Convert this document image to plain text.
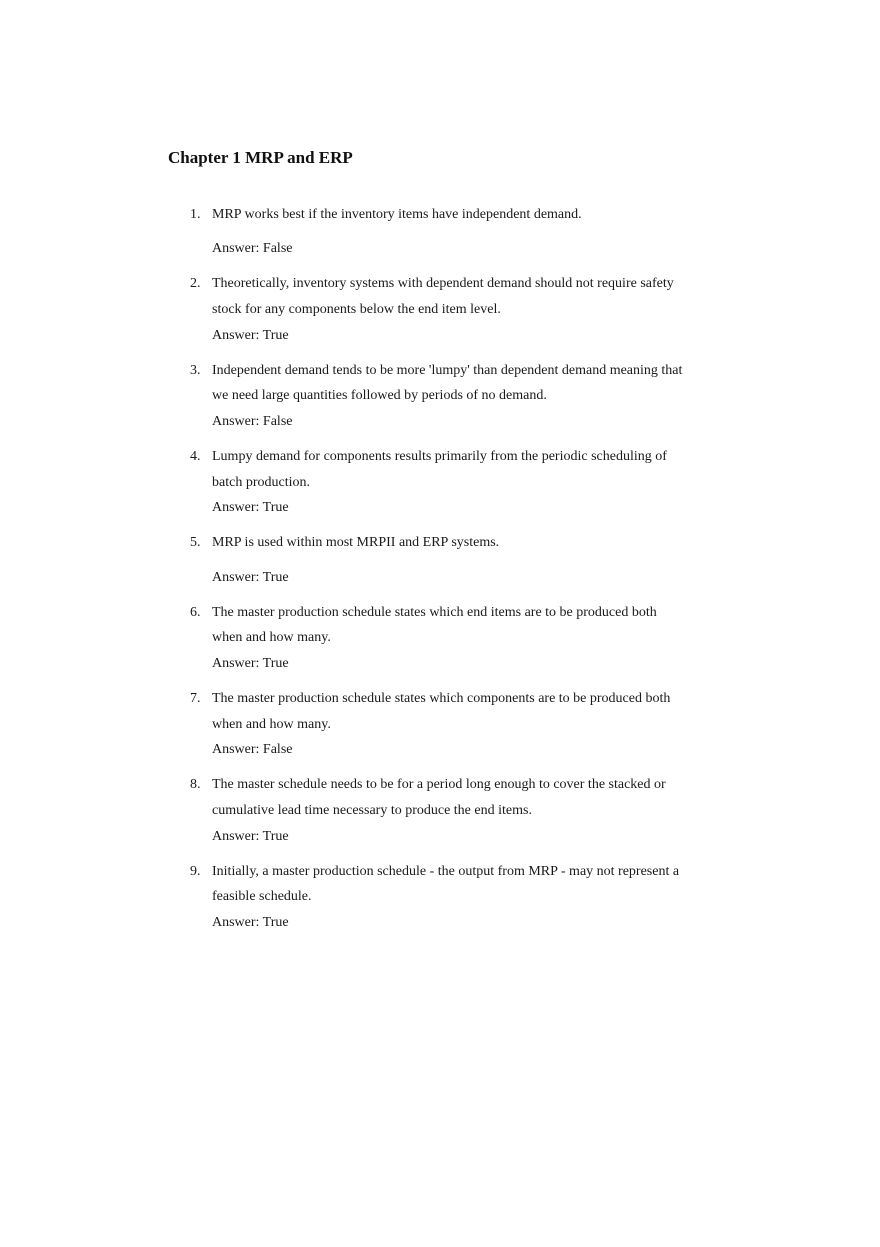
Chapter 1 MRP and ERP
1. MRP works best if the inventory items have independent demand.
Answer: False
2. Theoretically, inventory systems with dependent demand should not require safety
stock for any components below the end item level.
Answer: True
3. Independent demand tends to be more 'lumpy' than dependent demand meaning that
we need large quantities followed by periods of no demand.
Answer: False
4. Lumpy demand for components results primarily from the periodic scheduling of
batch production.
Answer: True
5. MRP is used within most MRPII and ERP systems.
Answer: True
6. The master production schedule states which end items are to be produced both
when and how many.
Answer: True
7. The master production schedule states which components are to be produced both
when and how many.
Answer: False
8. The master schedule needs to be for a period long enough to cover the stacked or
cumulative lead time necessary to produce the end items.
Answer: True
9. Initially, a master production schedule - the output from MRP - may not represent a
feasible schedule.
Answer: True
